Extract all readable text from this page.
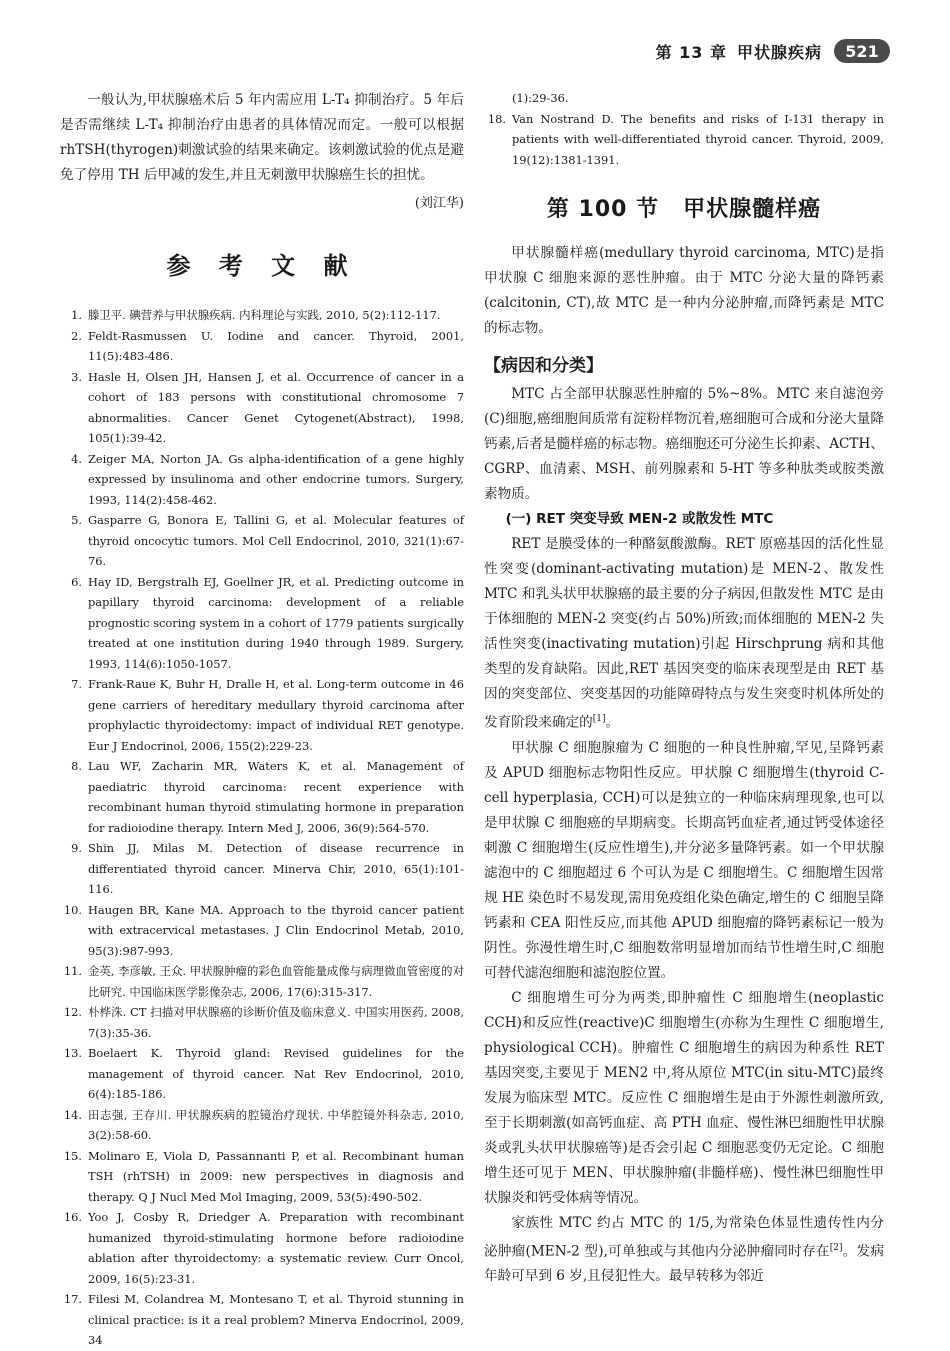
第 13 章 甲状腺疾病	521

一般认为,甲状腺癌术后 5 年内需应用 L-T₄ 抑制治疗。5 年后是否需继续 L-T₄ 抑制治疗由患者的具体情况而定。一般可以根据 rhTSH(thyrogen)刺激试验的结果来确定。该刺激试验的优点是避免了停用 TH 后甲减的发生,并且无刺激甲状腺癌生长的担忧。

(刘江华)
参 考 文 献
1. 滕卫平. 碘营养与甲状腺疾病. 内科理论与实践, 2010, 5(2):112-117.
2. Feldt-Rasmussen U. Iodine and cancer. Thyroid, 2001, 11(5):483-486.
3. Hasle H, Olsen JH, Hansen J, et al. Occurrence of cancer in a cohort of 183 persons with constitutional chromosome 7 abnormalities. Cancer Genet Cytogenet(Abstract), 1998, 105(1):39-42.
4. Zeiger MA, Norton JA. Gs alpha-identification of a gene highly expressed by insulinoma and other endocrine tumors. Surgery, 1993, 114(2):458-462.
5. Gasparre G, Bonora E, Tallini G, et al. Molecular features of thyroid oncocytic tumors. Mol Cell Endocrinol, 2010, 321(1):67-76.
6. Hay ID, Bergstralh EJ, Goellner JR, et al. Predicting outcome in papillary thyroid carcinoma: development of a reliable prognostic scoring system in a cohort of 1779 patients surgically treated at one institution during 1940 through 1989. Surgery, 1993, 114(6):1050-1057.
7. Frank-Raue K, Buhr H, Dralle H, et al. Long-term outcome in 46 gene carriers of hereditary medullary thyroid carcinoma after prophylactic thyroidectomy: impact of individual RET genotype. Eur J Endocrinol, 2006, 155(2):229-23.
8. Lau WF, Zacharin MR, Waters K, et al. Management of paediatric thyroid carcinoma: recent experience with recombinant human thyroid stimulating hormone in preparation for radioiodine therapy. Intern Med J, 2006, 36(9):564-570.
9. Shin JJ, Milas M. Detection of disease recurrence in differentiated thyroid cancer. Minerva Chir, 2010, 65(1):101-116.
10. Haugen BR, Kane MA. Approach to the thyroid cancer patient with extracervical metastases. J Clin Endocrinol Metab, 2010, 95(3):987-993.
11. 金英, 李彦敏, 王众. 甲状腺肿瘤的彩色血管能量成像与病理微血管密度的对比研究. 中国临床医学影像杂志, 2006, 17(6):315-317.
12. 朴桦洙. CT 扫描对甲状腺癌的诊断价值及临床意义. 中国实用医药, 2008, 7(3):35-36.
13. Boelaert K. Thyroid gland: Revised guidelines for the management of thyroid cancer. Nat Rev Endocrinol, 2010, 6(4):185-186.
14. 田志强, 王存川. 甲状腺疾病的腔镜治疗现状. 中华腔镜外科杂志, 2010, 3(2):58-60.
15. Molinaro E, Viola D, Passannanti P, et al. Recombinant human TSH (rhTSH) in 2009: new perspectives in diagnosis and therapy. Q J Nucl Med Mol Imaging, 2009, 53(5):490-502.
16. Yoo J, Cosby R, Driedger A. Preparation with recombinant humanized thyroid-stimulating hormone before radioiodine ablation after thyroidectomy: a systematic review. Curr Oncol, 2009, 16(5):23-31.
17. Filesi M, Colandrea M, Montesano T, et al. Thyroid stunning in clinical practice: is it a real problem? Minerva Endocrinol, 2009, 34
(1):29-36.
18. Van Nostrand D. The benefits and risks of I-131 therapy in patients with well-differentiated thyroid cancer. Thyroid, 2009, 19(12):1381-1391.
第 100 节 甲状腺髓样癌

甲状腺髓样癌(medullary thyroid carcinoma, MTC)是指甲状腺 C 细胞来源的恶性肿瘤。由于 MTC 分泌大量的降钙素(calcitonin, CT),故 MTC 是一种内分泌肿瘤,而降钙素是 MTC 的标志物。

【病因和分类】

MTC 占全部甲状腺恶性肿瘤的 5%~8%。MTC 来自滤泡旁(C)细胞,癌细胞间质常有淀粉样物沉着,癌细胞可合成和分泌大量降钙素,后者是髓样癌的标志物。癌细胞还可分泌生长抑素、ACTH、CGRP、血清素、MSH、前列腺素和 5-HT 等多种肽类或胺类激素物质。

(一) RET 突变导致 MEN-2 或散发性 MTC

RET 是膜受体的一种酪氨酸激酶。RET 原癌基因的活化性显性突变(dominant-activating mutation)是 MEN-2、散发性 MTC 和乳头状甲状腺癌的最主要的分子病因,但散发性 MTC 是由于体细胞的 MEN-2 突变(约占 50%)所致;而体细胞的 MEN-2 失活性突变(inactivating mutation)引起 Hirschprung 病和其他类型的发育缺陷。因此,RET 基因突变的临床表现型是由 RET 基因的突变部位、突变基因的功能障碍特点与发生突变时机体所处的发育阶段来确定的[1]。

甲状腺 C 细胞腺瘤为 C 细胞的一种良性肿瘤,罕见,呈降钙素及 APUD 细胞标志物阳性反应。甲状腺 C 细胞增生(thyroid C-cell hyperplasia, CCH)可以是独立的一种临床病理现象,也可以是甲状腺 C 细胞癌的早期病变。长期高钙血症者,通过钙受体途径刺激 C 细胞增生(反应性增生),并分泌多量降钙素。如一个甲状腺滤泡中的 C 细胞超过 6 个可认为是 C 细胞增生。C 细胞增生因常规 HE 染色时不易发现,需用免疫组化染色确定,增生的 C 细胞呈降钙素和 CEA 阳性反应,而其他 APUD 细胞瘤的降钙素标记一般为阴性。弥漫性增生时,C 细胞数常明显增加而结节性增生时,C 细胞可替代滤泡细胞和滤泡腔位置。

C 细胞增生可分为两类,即肿瘤性 C 细胞增生(neoplastic CCH)和反应性(reactive)C 细胞增生(亦称为生理性 C 细胞增生, physiological CCH)。肿瘤性 C 细胞增生的病因为种系性 RET 基因突变,主要见于 MEN2 中,将从原位 MTC(in situ-MTC)最终发展为临床型 MTC。反应性 C 细胞增生是由于外源性刺激所致,至于长期刺激(如高钙血症、高 PTH 血症、慢性淋巴细胞性甲状腺炎或乳头状甲状腺癌等)是否会引起 C 细胞恶变仍无定论。C 细胞增生还可见于 MEN、甲状腺肿瘤(非髓样癌)、慢性淋巴细胞性甲状腺炎和钙受体病等情况。

家族性 MTC 约占 MTC 的 1/5,为常染色体显性遗传性内分泌肿瘤(MEN-2 型),可单独或与其他内分泌肿瘤同时存在[2]。发病年龄可早到 6 岁,且侵犯性大。最早转移为邻近
